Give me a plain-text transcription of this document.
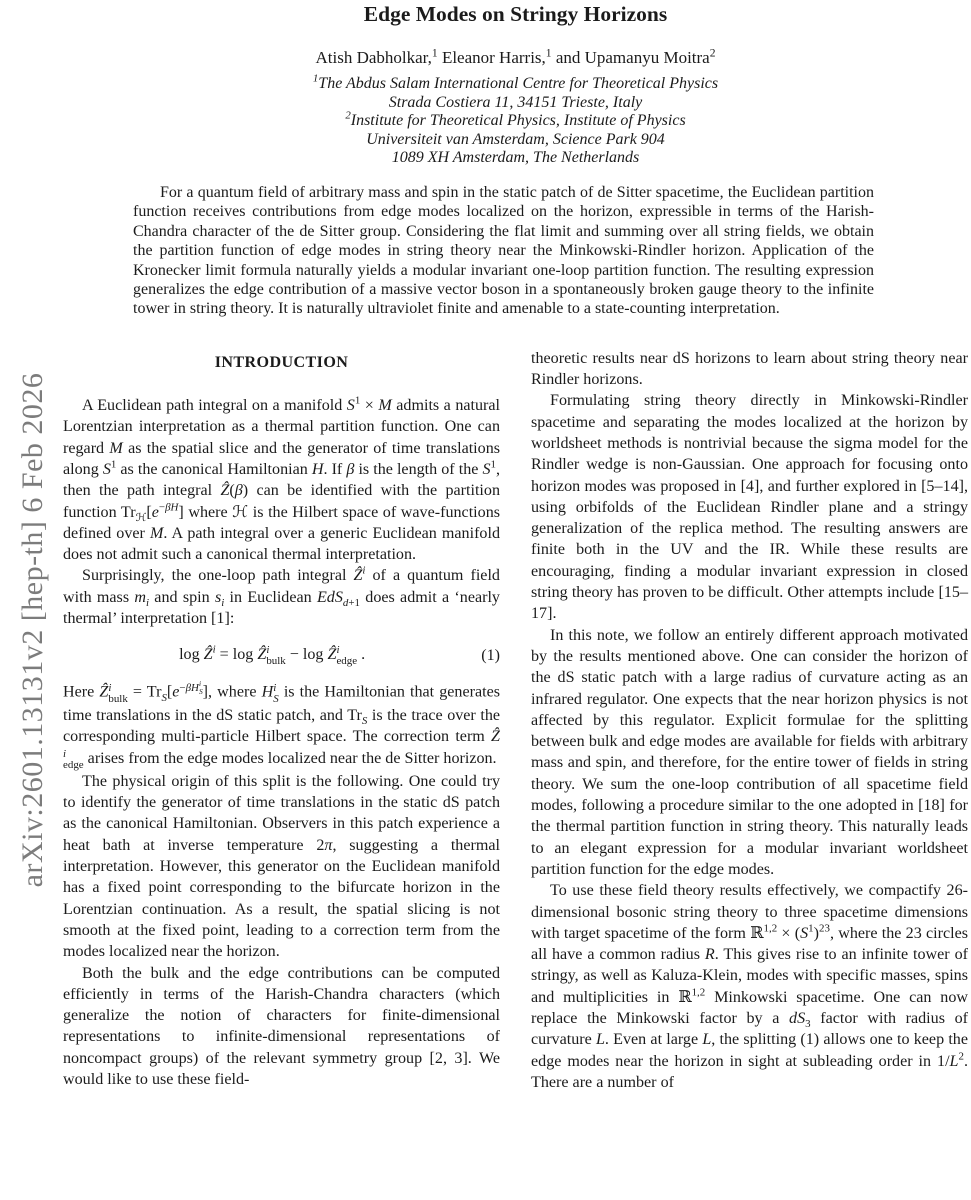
arXiv:2601.13131v2 [hep-th] 6 Feb 2026
Edge Modes on Stringy Horizons
Atish Dabholkar,$^1$ Eleanor Harris,$^1$ and Upamanyu Moitra$^2$
$^1$The Abdus Salam International Centre for Theoretical Physics
Strada Costiera 11, 34151 Trieste, Italy
$^2$Institute for Theoretical Physics, Institute of Physics
Universiteit van Amsterdam, Science Park 904
1089 XH Amsterdam, The Netherlands

For a quantum field of arbitrary mass and spin in the static patch of de Sitter spacetime, the Euclidean partition function receives contributions from edge modes localized on the horizon, expressible in terms of the Harish-Chandra character of the de Sitter group. Considering the flat limit and summing over all string fields, we obtain the partition function of edge modes in string theory near the Minkowski-Rindler horizon. Application of the Kronecker limit formula naturally yields a modular invariant one-loop partition function. The resulting expression generalizes the edge contribution of a massive vector boson in a spontaneously broken gauge theory to the infinite tower in string theory. It is naturally ultraviolet finite and amenable to a state-counting interpretation.

INTRODUCTION

A Euclidean path integral on a manifold $S^1 \times M$ admits a natural Lorentzian interpretation as a thermal partition function. One can regard M as the spatial slice and the generator of time translations along $S^1$ as the canonical Hamiltonian H. If β is the length of the $S^1$, then the path integral Ẑ(β) can be identified with the partition function $Tr_ℋ[e^{-\beta H}]$ where ℋ is the Hilbert space of wave-functions defined over M. A path integral over a generic Euclidean manifold does not admit such a canonical thermal interpretation.

Surprisingly, the one-loop path integral Ẑ$^i$ of a quantum field with mass $m_i$ and spin $s_i$ in Euclidean EdS$_{d+1}$ does admit a ‘nearly thermal’ interpretation [1]:

log Ẑ$^i$ = log Ẑ i
bulk − log Ẑ i
edge .	(1)

Here Ẑ i
bulk = $Tr_S[e^{-\beta H i S}$ ], where H i
S is the Hamiltonian that generates time translations in the dS static patch, and $Tr_S$ is the trace over the corresponding multi-particle Hilbert space. The correction term Ẑ
i
edge arises from the edge modes localized near the de Sitter horizon.

The physical origin of this split is the following. One could try to identify the generator of time translations in the static dS patch as the canonical Hamiltonian. Observers in this patch experience a heat bath at inverse temperature 2π, suggesting a thermal interpretation. However, this generator on the Euclidean manifold has a fixed point corresponding to the bifurcate horizon in the Lorentzian continuation. As a result, the spatial slicing is not smooth at the fixed point, leading to a correction term from the modes localized near the horizon.

Both the bulk and the edge contributions can be computed efficiently in terms of the Harish-Chandra characters (which generalize the notion of characters for finite-dimensional representations to infinite-dimensional representations of noncompact groups) of the relevant symmetry group [2, 3]. We would like to use these field-

theoretic results near dS horizons to learn about string theory near Rindler horizons.

Formulating string theory directly in Minkowski-Rindler spacetime and separating the modes localized at the horizon by worldsheet methods is nontrivial because the sigma model for the Rindler wedge is non-Gaussian. One approach for focusing onto horizon modes was proposed in [4], and further explored in [5–14], using orbifolds of the Euclidean Rindler plane and a stringy generalization of the replica method. The resulting answers are finite both in the UV and the IR. While these results are encouraging, finding a modular invariant expression in closed string theory has proven to be difficult. Other attempts include [15–17].

In this note, we follow an entirely different approach motivated by the results mentioned above. One can consider the horizon of the dS static patch with a large radius of curvature acting as an infrared regulator. One expects that the near horizon physics is not affected by this regulator. Explicit formulae for the splitting between bulk and edge modes are available for fields with arbitrary mass and spin, and therefore, for the entire tower of fields in string theory. We sum the one-loop contribution of all spacetime field modes, following a procedure similar to the one adopted in [18] for the thermal partition function in string theory. This naturally leads to an elegant expression for a modular invariant worldsheet partition function for the edge modes.

To use these field theory results effectively, we compactify 26-dimensional bosonic string theory to three spacetime dimensions with target spacetime of the form ℝ$^{1,2}$ × $(S^1)^{23}$, where the 23 circles all have a common radius R. This gives rise to an infinite tower of stringy, as well as Kaluza-Klein, modes with specific masses, spins and multiplicities in ℝ$^{1,2}$ Minkowski spacetime. One can now replace the Minkowski factor by a $dS_3$ factor with radius of curvature L. Even at large L, the splitting (1) allows one to keep the edge modes near the horizon in sight at subleading order in $1/L^2$. There are a number of
